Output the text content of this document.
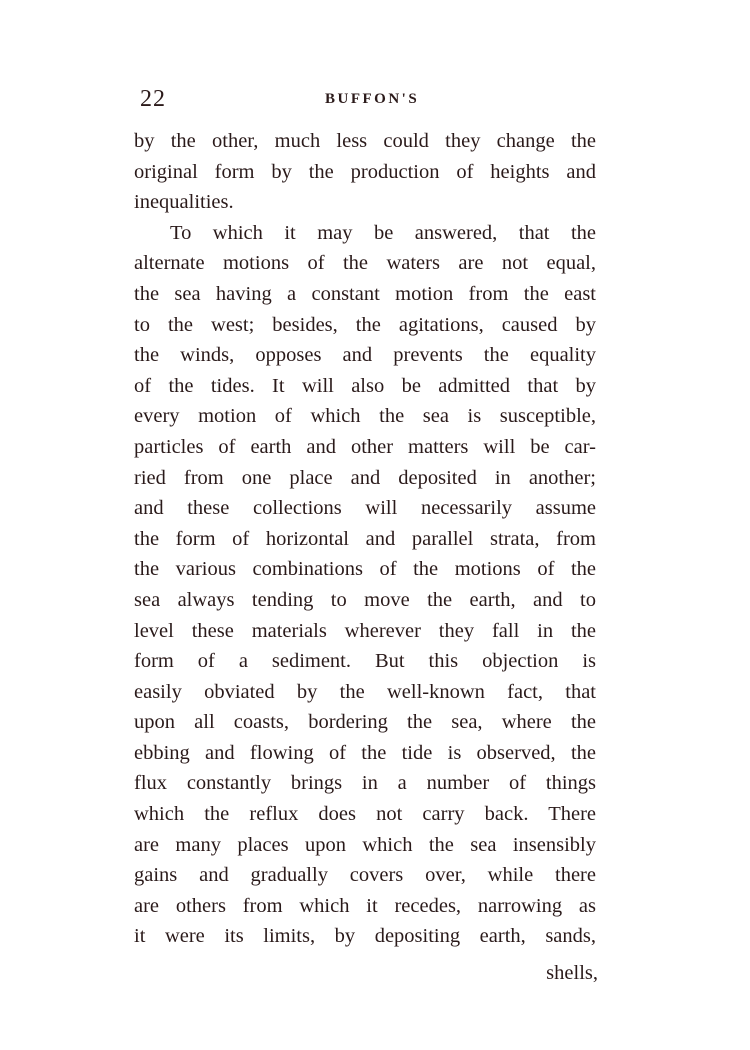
22	BUFFON'S
by the other, much less could they change the
original form by the production of heights and
inequalities.
To which it may be answered, that the
alternate motions of the waters are not equal,
the sea having a constant motion from the east
to the west; besides, the agitations, caused by
the winds, opposes and prevents the equality
of the tides. It will also be admitted that by
every motion of which the sea is susceptible,
particles of earth and other matters will be car-
ried from one place and deposited in another;
and these collections will necessarily assume
the form of horizontal and parallel strata, from
the various combinations of the motions of the
sea always tending to move the earth, and to
level these materials wherever they fall in the
form of a sediment. But this objection is
easily obviated by the well-known fact, that
upon all coasts, bordering the sea, where the
ebbing and flowing of the tide is observed, the
flux constantly brings in a number of things
which the reflux does not carry back. There
are many places upon which the sea insensibly
gains and gradually covers over, while there
are others from which it recedes, narrowing as
it were its limits, by depositing earth, sands,
shells,
